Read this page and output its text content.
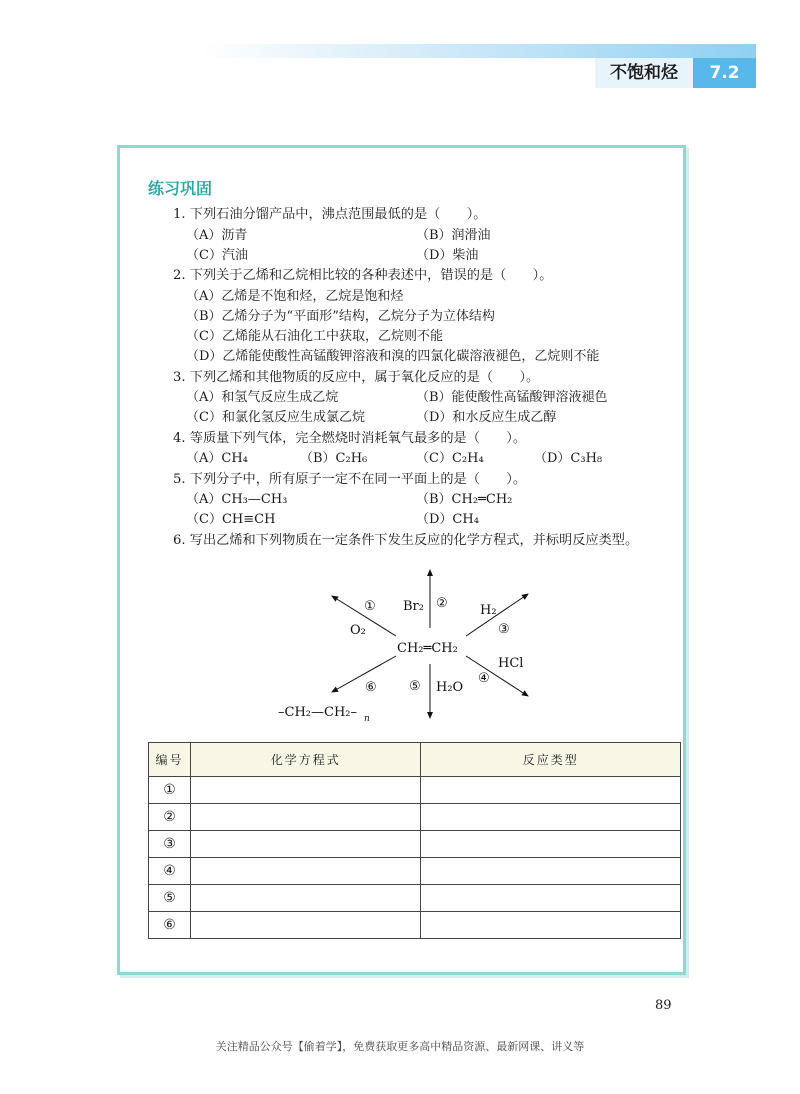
不饱和烃	7.2
练习巩固
1. 下列石油分馏产品中，沸点范围最低的是（　　）。
（A）沥青	（B）润滑油
（C）汽油	（D）柴油
2. 下列关于乙烯和乙烷相比较的各种表述中，错误的是（　　）。
（A）乙烯是不饱和烃，乙烷是饱和烃
（B）乙烯分子为“平面形”结构，乙烷分子为立体结构
（C）乙烯能从石油化工中获取，乙烷则不能
（D）乙烯能使酸性高锰酸钾溶液和溴的四氯化碳溶液褪色，乙烷则不能
3. 下列乙烯和其他物质的反应中，属于氧化反应的是（　　）。
（A）和氢气反应生成乙烷	（B）能使酸性高锰酸钾溶液褪色
（C）和氯化氢反应生成氯乙烷	（D）和水反应生成乙醇
4. 等质量下列气体，完全燃烧时消耗氧气最多的是（　　）。
（A）CH₄	（B）C₂H₆	（C）C₂H₄	（D）C₃H₈
5. 下列分子中，所有原子一定不在同一平面上的是（　　）。
（A）CH₃—CH₃	（B）CH₂═CH₂
（C）CH≡CH	（D）CH₄
6. 写出乙烯和下列物质在一定条件下发生反应的化学方程式，并标明反应类型。
CH₂═CH₂
O₂
Br₂	H₂
HCl
H₂O
–CH₂—CH₂– n
①	②
③
④
⑤
⑥
编号	化学方程式	反应类型
①		
②		
③		
④		
⑤		
⑥		
89
关注精品公众号【偷着学】，免费获取更多高中精品资源、最新网课、讲义等
